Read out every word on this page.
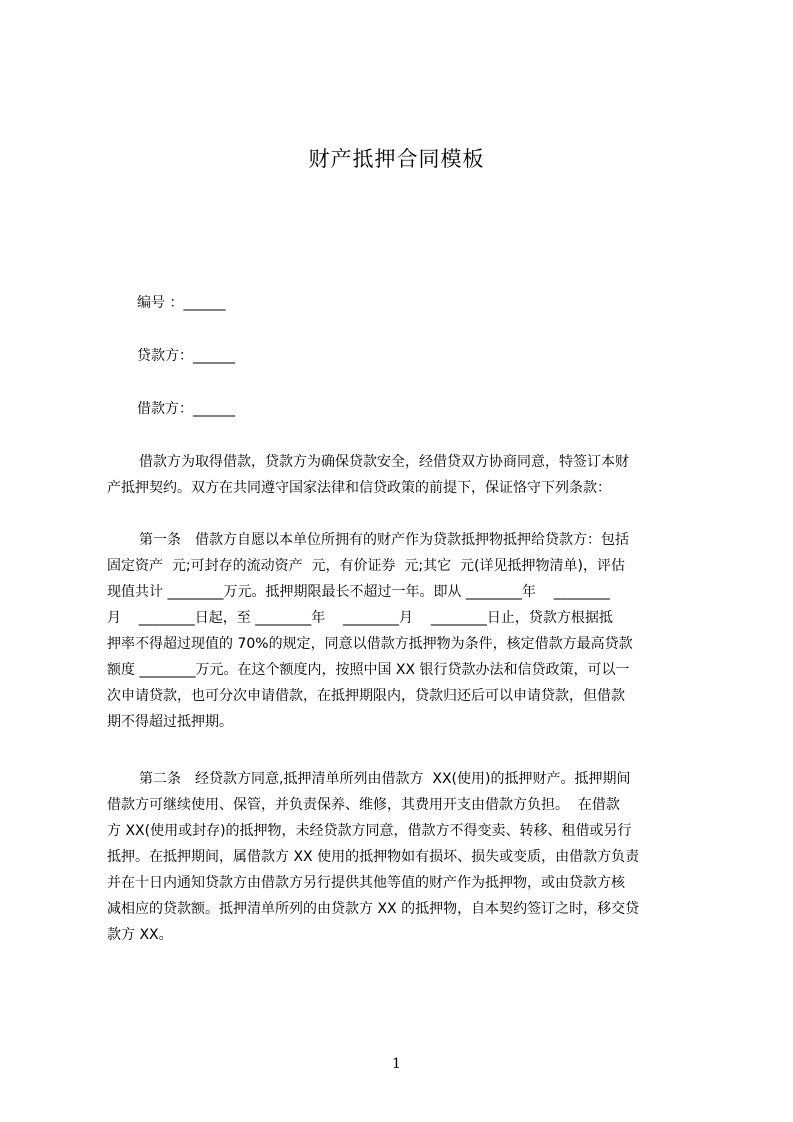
财产抵押合同模板
编号 ：______
贷款方：______
借款方：______
借款方为取得借款，贷款方为确保贷款安全，经借贷双方协商同意，特签订本财
产抵押契约。双方在共同遵守国家法律和信贷政策的前提下，保证恪守下列条款：
第一条　借款方自愿以本单位所拥有的财产作为贷款抵押物抵押给贷款方：包括
固定资产  元;可封存的流动资产  元，有价证券  元;其它  元(详见抵押物清单)，评估
现值共计 ________万元。抵押期限最长不超过一年。即从 ________年    ________
月    ________日起，至 ________年    ________月    ________日止，贷款方根据抵
押率不得超过现值的 70%的规定，同意以借款方抵押物为条件，核定借款方最高贷款
额度 ________万元。在这个额度内，按照中国 XX 银行贷款办法和信贷政策，可以一
次申请贷款，也可分次申请借款，在抵押期限内，贷款归还后可以申请贷款，但借款
期不得超过抵押期。
第二条　经贷款方同意,抵押清单所列由借款方  XX(使用)的抵押财产。抵押期间
借款方可继续使用、保管，并负责保养、维修，其费用开支由借款方负担。  在借款
方 XX(使用或封存)的抵押物，未经贷款方同意，借款方不得变卖、转移、租借或另行
抵押。在抵押期间，属借款方 XX 使用的抵押物如有损坏、损失或变质，由借款方负责
并在十日内通知贷款方由借款方另行提供其他等值的财产作为抵押物，或由贷款方核
减相应的贷款额。抵押清单所列的由贷款方 XX 的抵押物，自本契约签订之时，移交贷
款方 XX。
1
